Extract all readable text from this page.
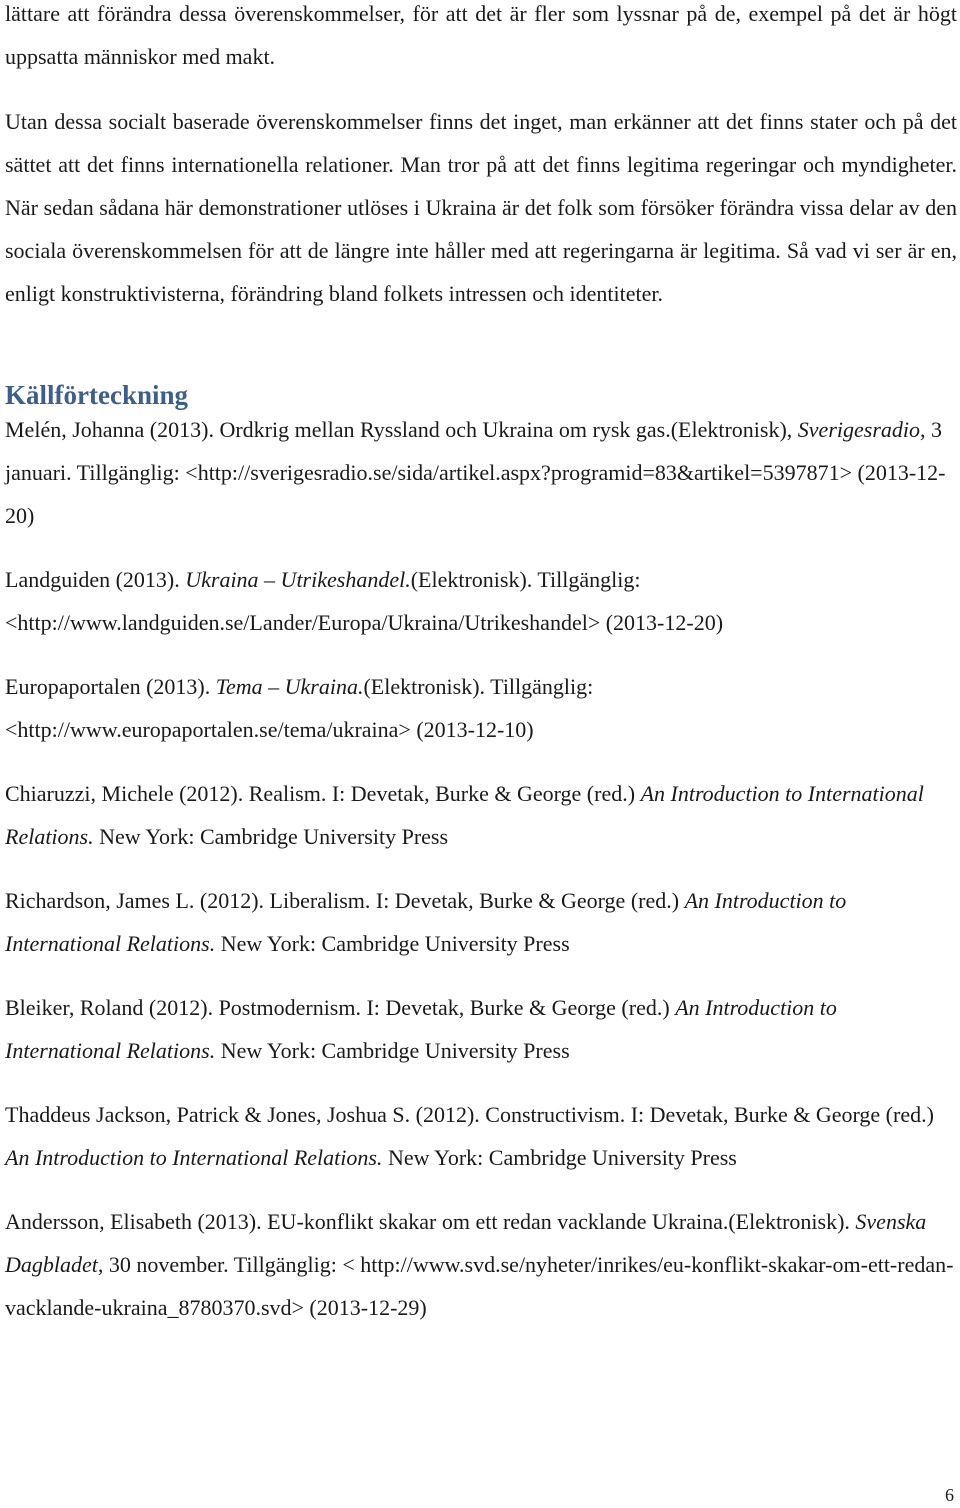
lättare att förändra dessa överenskommelser, för att det är fler som lyssnar på de, exempel på det är högt uppsatta människor med makt.

Utan dessa socialt baserade överenskommelser finns det inget, man erkänner att det finns stater och på det sättet att det finns internationella relationer. Man tror på att det finns legitima regeringar och myndigheter. När sedan sådana här demonstrationer utlöses i Ukraina är det folk som försöker förändra vissa delar av den sociala överenskommelsen för att de längre inte håller med att regeringarna är legitima. Så vad vi ser är en, enligt konstruktivisterna, förändring bland folkets intressen och identiteter.

Källförteckning

Melén, Johanna (2013). Ordkrig mellan Ryssland och Ukraina om rysk gas.(Elektronisk), Sverigesradio, 3 januari. Tillgänglig: <http://sverigesradio.se/sida/artikel.aspx?programid=83&artikel=5397871> (2013-12-20)

Landguiden (2013). Ukraina – Utrikeshandel.(Elektronisk). Tillgänglig: <http://www.landguiden.se/Lander/Europa/Ukraina/Utrikeshandel> (2013-12-20)

Europaportalen (2013). Tema – Ukraina.(Elektronisk). Tillgänglig: <http://www.europaportalen.se/tema/ukraina> (2013-12-10)

Chiaruzzi, Michele (2012). Realism. I: Devetak, Burke & George (red.) An Introduction to International Relations. New York: Cambridge University Press

Richardson, James L. (2012). Liberalism. I: Devetak, Burke & George (red.) An Introduction to International Relations. New York: Cambridge University Press

Bleiker, Roland (2012). Postmodernism. I: Devetak, Burke & George (red.) An Introduction to International Relations. New York: Cambridge University Press

Thaddeus Jackson, Patrick & Jones, Joshua S. (2012). Constructivism. I: Devetak, Burke & George (red.) An Introduction to International Relations. New York: Cambridge University Press

Andersson, Elisabeth (2013). EU-konflikt skakar om ett redan vacklande Ukraina.(Elektronisk). Svenska Dagbladet, 30 november. Tillgänglig: < http://www.svd.se/nyheter/inrikes/eu-konflikt-skakar-om-ett-redan-vacklande-ukraina_8780370.svd> (2013-12-29)

6
